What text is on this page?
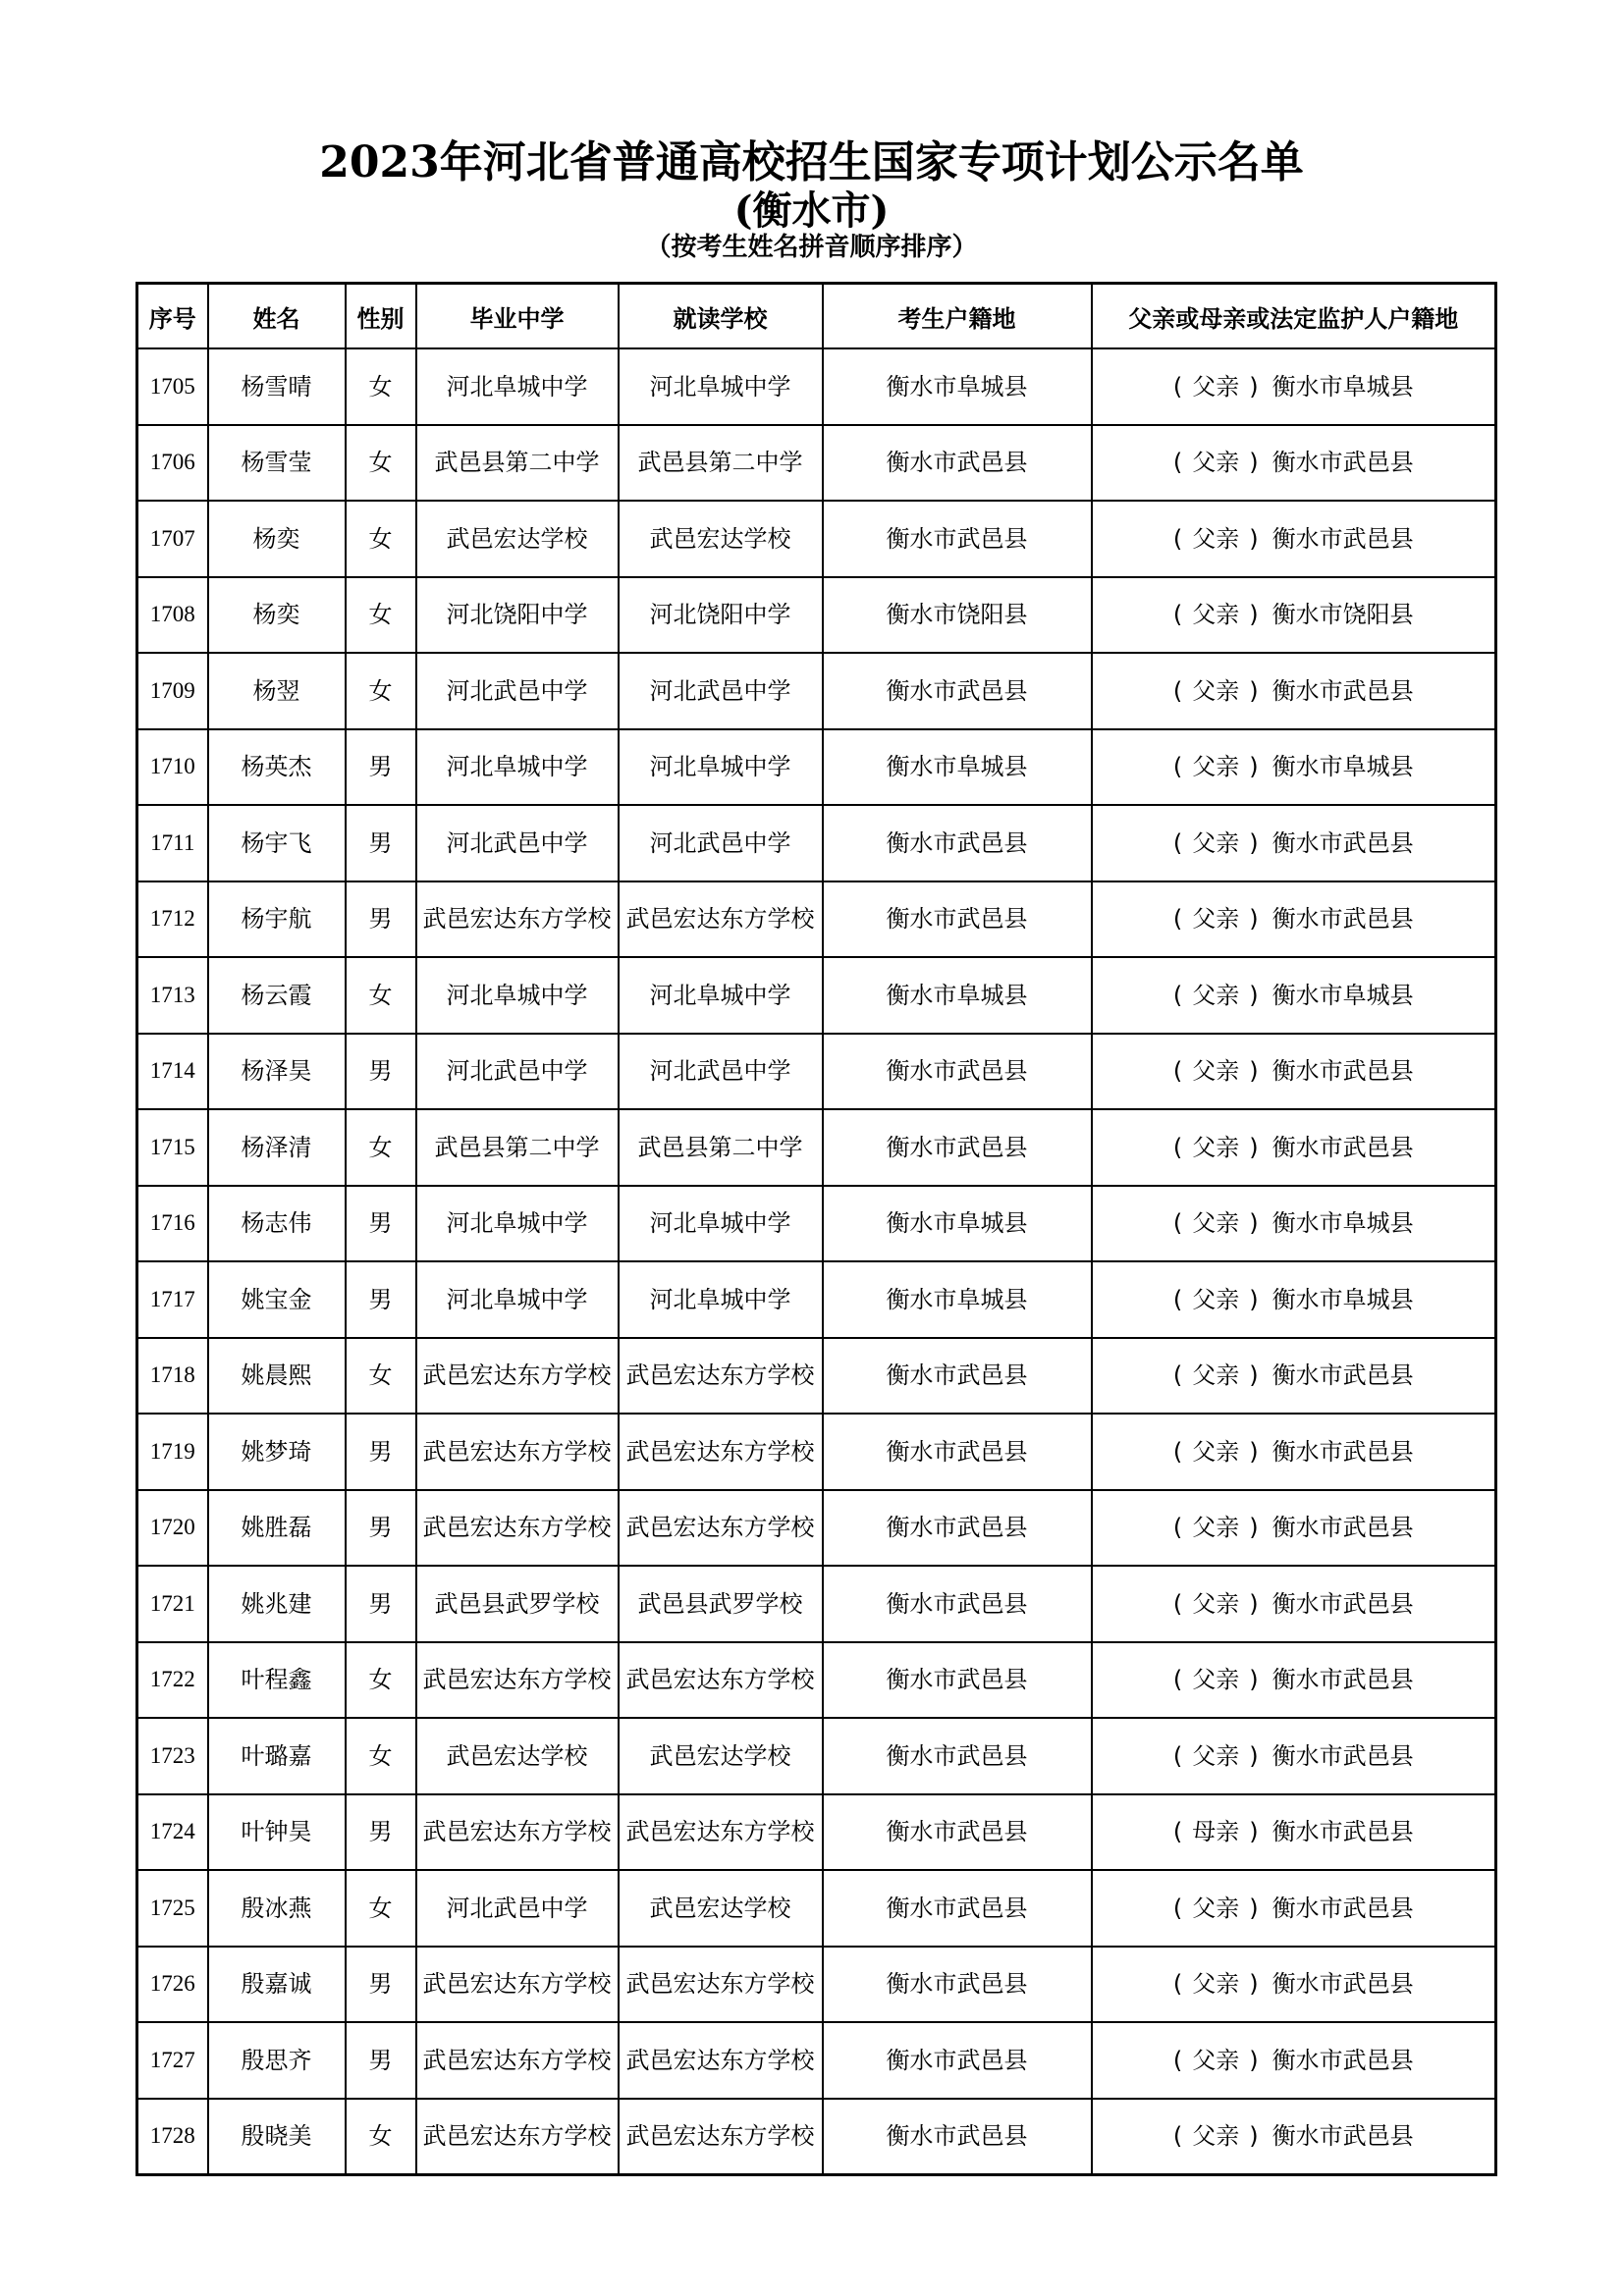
2023年河北省普通高校招生国家专项计划公示名单
(衡水市)
（按考生姓名拼音顺序排序）
序号	姓名	性别	毕业中学	就读学校	考生户籍地	父亲或母亲或法定监护人户籍地
1705	杨雪晴	女	河北阜城中学	河北阜城中学	衡水市阜城县	( 父亲 ) 衡水市阜城县
1706	杨雪莹	女	武邑县第二中学	武邑县第二中学	衡水市武邑县	( 父亲 ) 衡水市武邑县
1707	杨奕	女	武邑宏达学校	武邑宏达学校	衡水市武邑县	( 父亲 ) 衡水市武邑县
1708	杨奕	女	河北饶阳中学	河北饶阳中学	衡水市饶阳县	( 父亲 ) 衡水市饶阳县
1709	杨翌	女	河北武邑中学	河北武邑中学	衡水市武邑县	( 父亲 ) 衡水市武邑县
1710	杨英杰	男	河北阜城中学	河北阜城中学	衡水市阜城县	( 父亲 ) 衡水市阜城县
1711	杨宇飞	男	河北武邑中学	河北武邑中学	衡水市武邑县	( 父亲 ) 衡水市武邑县
1712	杨宇航	男	武邑宏达东方学校	武邑宏达东方学校	衡水市武邑县	( 父亲 ) 衡水市武邑县
1713	杨云霞	女	河北阜城中学	河北阜城中学	衡水市阜城县	( 父亲 ) 衡水市阜城县
1714	杨泽昊	男	河北武邑中学	河北武邑中学	衡水市武邑县	( 父亲 ) 衡水市武邑县
1715	杨泽清	女	武邑县第二中学	武邑县第二中学	衡水市武邑县	( 父亲 ) 衡水市武邑县
1716	杨志伟	男	河北阜城中学	河北阜城中学	衡水市阜城县	( 父亲 ) 衡水市阜城县
1717	姚宝金	男	河北阜城中学	河北阜城中学	衡水市阜城县	( 父亲 ) 衡水市阜城县
1718	姚晨熙	女	武邑宏达东方学校	武邑宏达东方学校	衡水市武邑县	( 父亲 ) 衡水市武邑县
1719	姚梦琦	男	武邑宏达东方学校	武邑宏达东方学校	衡水市武邑县	( 父亲 ) 衡水市武邑县
1720	姚胜磊	男	武邑宏达东方学校	武邑宏达东方学校	衡水市武邑县	( 父亲 ) 衡水市武邑县
1721	姚兆建	男	武邑县武罗学校	武邑县武罗学校	衡水市武邑县	( 父亲 ) 衡水市武邑县
1722	叶程鑫	女	武邑宏达东方学校	武邑宏达东方学校	衡水市武邑县	( 父亲 ) 衡水市武邑县
1723	叶璐嘉	女	武邑宏达学校	武邑宏达学校	衡水市武邑县	( 父亲 ) 衡水市武邑县
1724	叶钟昊	男	武邑宏达东方学校	武邑宏达东方学校	衡水市武邑县	( 母亲 ) 衡水市武邑县
1725	殷冰燕	女	河北武邑中学	武邑宏达学校	衡水市武邑县	( 父亲 ) 衡水市武邑县
1726	殷嘉诚	男	武邑宏达东方学校	武邑宏达东方学校	衡水市武邑县	( 父亲 ) 衡水市武邑县
1727	殷思齐	男	武邑宏达东方学校	武邑宏达东方学校	衡水市武邑县	( 父亲 ) 衡水市武邑县
1728	殷晓美	女	武邑宏达东方学校	武邑宏达东方学校	衡水市武邑县	( 父亲 ) 衡水市武邑县
